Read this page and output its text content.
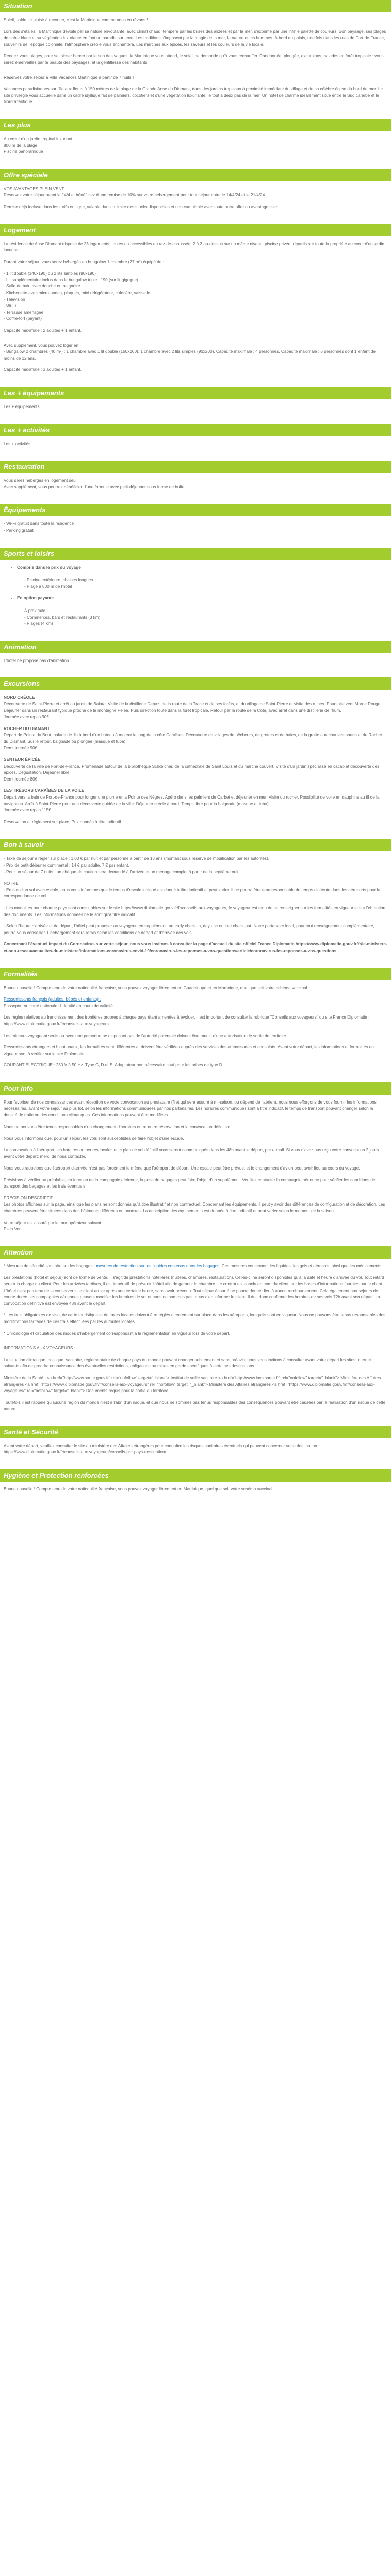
Situation

Soleil, sable, le plaisir à raconter, c'est la Martinique comme nous en rêvons !

Lors des s'étales, la Martinique dévoile par sa nature envoûtante, avec climat chaud, tempéré par les brises des alizées et par la mer, s'exprime par une infinie palette de couleurs. Son paysage, ses plages de sable blanc et sa végétation luxuriante en font un paradis sur terre. Les traditions s'imposent par la magie de la mer, la nature et les hommes. À bord du palais, une fois dans les rues de Fort-de-France, souvenirs de l'époque coloniale, l'atmosphère créole vous enchantera. Les marchés aux épices, les saveurs et les couleurs de la vie locale.

Rendez-vous plages, pour se laisser bercer par le son des vagues, la Martinique vous attend, le soleil ne demande qu'à vous réchauffer. Randonnée, plongée, excursions, balades en forêt tropicale : vous serez émerveillés par la beauté des paysages, et la gentillesse des habitants.

Réservez votre séjour à Villa Vacances Martinique à partir de 7 nuits !

Vacances paradisiaques sur l'île aux fleurs à 150 mètres de la plage de la Grande Anse du Diamant, dans des jardins tropicaux à proximité immédiate du village et de sa célèbre église du bord de mer. Le site privilégié vous accueille dans un cadre idyllique fait de palmiers, cocotiers et d'une végétation luxuriante, le tout à deux pas de la mer. Un hôtel de charme idéalement situé entre le Sud caraïbe et le Nord atlantique.

Les plus

Au cœur d'un jardin tropical luxuriant

800 m de la plage

Piscine panoramique

Offre spéciale

VOS AVANTAGES PLEIN VENT

Réservez votre séjour avant le 14/4 et bénéficiez d'une remise de 10% sur votre hébergement pour tout séjour entre le 14/4/24 et le 21/4/24.

Remise déjà incluse dans les tarifs en ligne, valable dans la limite des stocks disponibles et non cumulable avec toute autre offre ou avantage client.

Logement

La résidence de Anse Diamant dispose de 23 logements, toutes ou accessibles en rez-de-chaussée, 2 à 3 au-dessus sur un même niveau, piscine privée, répartis sur toute la propriété au cœur d'un jardin luxuriant.

Durant votre séjour, vous serez hébergés en bungalow 1 chambre (27 m²) équipé de :

- 1 lit double (140x190) ou 2 lits simples (90x190)

- Lit supplémentaire inclus dans le bungalow triple : 190 (sur lit-gigogne)

- Salle de bain avec douche ou baignoire

- Kitchenette avec micro-ondes, plaques, mini réfrigérateur, cafetière, vaisselle

- Télévision

- Wi-Fi

- Terrasse aménagée

- Coffre-fort (payant)

Capacité maximale : 2 adultes + 1 enfant.

Avec supplément, vous pouvez loger en :

- Bungalow 2 chambres (40 m²) : 1 chambre avec 1 lit double (160x200), 1 chambre avec 2 lits simples (90x200). Capacité maximale : 4 personnes. Capacité maximale : 5 personnes dont 1 enfant de moins de 12 ans.

Capacité maximale : 3 adultes + 1 enfant.

Les + équipements

Les + équipements

Les + activités

Les + activités

Restauration

Vous serez hébergés en logement seul.

Avec supplément, vous pourrez bénéficier d'une formule avec petit-déjeuner sous forme de buffet.

Équipements

- Wi-Fi gratuit dans toute la résidence

- Parking gratuit

Sports et loisirs
• Compris dans le prix du voyage

- Piscine extérieure, chaises longues

- Plage à 800 m de l'hôtel

• En option payante

À proximité :

- Commerces, bars et restaurants (3 km)

- Plages (4 km)

Animation

L'hôtel ne propose pas d'animation.

Excursions

NORD CRÉOLE

Découverte de Saint-Pierre et arrêt au jardin de Balata. Visite de la distillerie Depaz, de la route de la Trace et de ses forêts, et du village de Saint-Pierre et visite des ruines. Poursuite vers Morne Rouge. Déjeuner dans un restaurant typique proche de la montagne Pelée. Puis direction toute dans la forêt tropicale. Retour par la route de la Côte, avec arrêt dans une distillerie de rhum.

Journée avec repas 90€

ROCHER DU DIAMANT

Départ de Pointe du Bout, balade de 1h à bord d'un bateau à moteur le long de la côte Caraïbes. Découverte de villages de pêcheurs, de grottes et de baies, de la grotte aux chauves-souris et du Rocher du Diamant. Sur le retour, baignade ou plongée (masque et tuba).

Demi-journée 90€

SENTEUR ÉPICÉE

Découverte de la ville de Fort-de-France. Promenade autour de la bibliothèque Schœlcher, de la cathédrale de Saint Louis et du marché couvert. Visite d'un jardin spécialisé en cacao et découverte des épices. Dégustation. Déjeuner libre.

Demi-journée 80€

LES TRÉSORS CARAÏBES DE LA VOILE

Départ vers la baie de Fort-de-France pour longer une plume et la Pointe des Nègres. Apéro dans les palmiers de Carbet et déjeuner en mer. Visite du rocher. Possibilité de voile en dauphins au fil de la navigation. Arrêt à Saint-Pierre pour une découverte guidée de la ville. Déjeuner créole à bord. Temps libre pour la baignade (masque et tuba).

Journée avec repas 115€

Réservation et règlement sur place. Prix donnés à titre indicatif.

Bon à savoir

- Taxe de séjour à régler sur place : 1,00 € par nuit et par personne à partir de 13 ans (montant sous réserve de modification par les autorités).

- Prix de petit-déjeuner continental : 14 € par adulte, 7 € par enfant.

- Pour un séjour de 7 nuits : un chèque de caution sera demandé à l'arrivée et un ménage complet à partir de la septième nuit.

NOTRE

- En cas d'un vol avec escale, nous vous informons que le temps d'escale indiqué est donné à titre indicatif et peut varier. Il ne pourra être tenu responsable du temps d'attente dans les aéroports pour la correspondance de vol.

- Les modalités pour chaque pays sont consultables sur le site https://www.diplomatie.gouv.fr/fr/conseils-aux-voyageurs, le voyageur est tenu de se renseigner sur les formalités en vigueur et sur l'obtention des documents. Les informations données ne le sont qu'à titre indicatif.

- Selon l'heure d'arrivée et de départ, l'hôtel peut proposer au voyageur, en supplément, un early check-in, day use ou late check-out. Notre partenaire local, pour tout renseignement complémentaire, pourra vous conseiller. L'hébergement sera remis selon les conditions de départ et d'arrivée des vols.

Concernant l'éventuel impact du Coronavirus sur votre séjour, nous vous invitons à consulter la page d'accueil du site officiel France Diplomatie https://www.diplomatie.gouv.fr/fr/le-ministere-et-son-reseau/actualites-du-ministere/informations-coronavirus-covid-19/coronavirus-les-reponses-a-vos-questions/article/coronavirus-les-reponses-a-vos-questions

Formalités

Bonne nouvelle ! Compte tenu de votre nationalité française, vous pouvez voyager librement en Guadeloupe et en Martinique, quel que soit votre schéma vaccinal.

Ressortissants français (adultes, bébés et enfants) :

Passeport ou carte nationale d'identité en cours de validité.

Les règles relatives au franchissement des frontières propres à chaque pays étant amenées à évoluer, il est important de consulter la rubrique "Conseils aux voyageurs" du site France Diplomatie : https://www.diplomatie.gouv.fr/fr/conseils-aux-voyageurs

Les mineurs voyageant seuls ou avec une personne ne disposant pas de l'autorité parentale doivent être munis d'une autorisation de sortie de territoire.

Ressortissants étrangers et binationaux, les formalités sont différentes et doivent être vérifiées auprès des services des ambassades et consulats. Avant votre départ, les informations et formalités en vigueur sont à vérifier sur le site Diplomatie.

COURANT ÉLECTRIQUE : 230 V à 50 Hz. Type C, D et E. Adaptateur non nécessaire sauf pour les prises de type D

Pour info

Pour favoriser de nos connaissances avant réception de votre convocation au prestataire (filet qui sera assuré à mi-saison, ou dépend de l'aérien), nous nous efforçons de vous fournir les informations nécessaires, avant votre séjour au plus tôt, selon les informations communiquées par nos partenaires. Les horaires communiqués sont à titre indicatif, le temps de transport pouvant changer selon la densité de trafic ou des conditions climatiques. Ces informations peuvent être modifiées.

Nous ne pouvons être tenus responsables d'un changement d'horaires entre notre réservation et la convocation définitive.

Nous vous informons que, pour un séjour, les vols sont susceptibles de faire l'objet d'une escale.

La convocation à l'aéroport, les horaires ou heures locales et le plan de vol définitif vous seront communiqués dans les 48h avant le départ, par e-mail. Si vous n'avez pas reçu votre convocation 2 jours avant votre départ, merci de nous contacter.

Nous vous rappelons que l'aéroport d'arrivée n'est pas forcément le même que l'aéroport de départ. Une escale peut être prévue, et le changement d'avion peut avoir lieu au cours du voyage.

Prévisions à vérifier au préalable, en fonction de la compagnie aérienne, la prise de bagages peut faire l'objet d'un supplément. Veuillez contacter la compagnie aérienne pour vérifier les conditions de transport des bagages et les frais éventuels.

PRÉCISION DESCRIPTIF

Les photos affichées sur la page, ainsi que les plans ne sont donnés qu'à titre illustratif et non contractuel. Concernant les équipements, il peut y avoir des différences de configuration et de décoration. Les chambres peuvent être situées dans des bâtiments différents ou annexes. La description des équipements est donnée à titre indicatif et peut varier selon le moment de la saison.

Votre séjour est assuré par le tour-opérateur suivant :

Plein Vent

Attention

* Mesures de sécurité sanitaire sur les bagages : mesures de restriction sur les liquides contenus dans les bagages. Ces mesures concernent les liquides, les gels et aérosols, ainsi que les médicaments.

Les prestations (hôtel et séjour) sont de forme de vente. Il s'agit de prestations hôtelières (nuitées, chambres, restauration). Celles-ci ne seront disponibles qu'à la date et heure d'arrivée du vol. Tout retard sera à la charge du client. Pour les arrivées tardives, il est impératif de prévenir l'hôtel afin de garantir la chambre. Le contrat est conclu en nom du client, sur les bases d'informations fournies par le client. L'hôtel n'est pas tenu de la conserver si le client arrive après une certaine heure, sans avoir prévenu. Tout séjour écourté ne pourra donner lieu à aucun remboursement. Cela également aux séjours de courte durée, les compagnies aériennes peuvent modifier les horaires de vol et nous ne sommes pas tenus d'en informer le client. Il doit donc confirmer les horaires de ses vols 72h avant son départ. La convocation définitive est envoyée 48h avant le départ.

* Les frais obligatoires de visa, de carte touristique et de taxes locales doivent être réglés directement sur place dans les aéroports, lorsqu'ils sont en vigueur. Nous ne pouvons être tenus responsables des modifications tarifaires de ces frais effectuées par les autorités locales.

* Chronologie et circulation des modes d'hébergement correspondant à la réglementation en vigueur lors de votre départ.

INFORMATIONS AUX VOYAGEURS :

La situation climatique, politique, sanitaire, réglementaire de chaque pays du monde pouvant changer subitement et sans préavis, nous vous invitons à consulter avant votre départ les sites Internet suivants afin de prendre connaissance des éventuelles restrictions, obligations ou mises en garde spécifiques à certaines destinations.

Ministère de la Santé : <a href="http://www.sante.gouv.fr" rel="nofollow" target="_blank"> Institut de veille sanitaire <a href="http://www.invs.sante.fr" rel="nofollow" target="_blank"> Ministère des Affaires étrangères <a href="https://www.diplomatie.gouv.fr/fr/conseils-aux-voyageurs" rel="nofollow" target="_blank"> Ministère des Affaires étrangères <a href="https://www.diplomatie.gouv.fr/fr/conseils-aux-voyageurs/" rel="nofollow" target="_blank"> Documents requis pour la sortie du territoire.

Toutefois il est rappelé qu'aucune région du monde n'est à l'abri d'un risque, et que nous ne sommes pas tenus responsables des conséquences pouvant être causées par la réalisation d'un risque de cette nature.

Santé et Sécurité

Avant votre départ, veuillez consulter le site du ministère des Affaires étrangères pour connaître les risques sanitaires éventuels qui peuvent concerner votre destination : https://www.diplomatie.gouv.fr/fr/conseils-aux-voyageurs/conseils-par-pays-destination/

Hygiène et Protection renforcées

Bonne nouvelle ! Compte tenu de votre nationalité française, vous pouvez voyager librement en Martinique, quel que soit votre schéma vaccinal.
